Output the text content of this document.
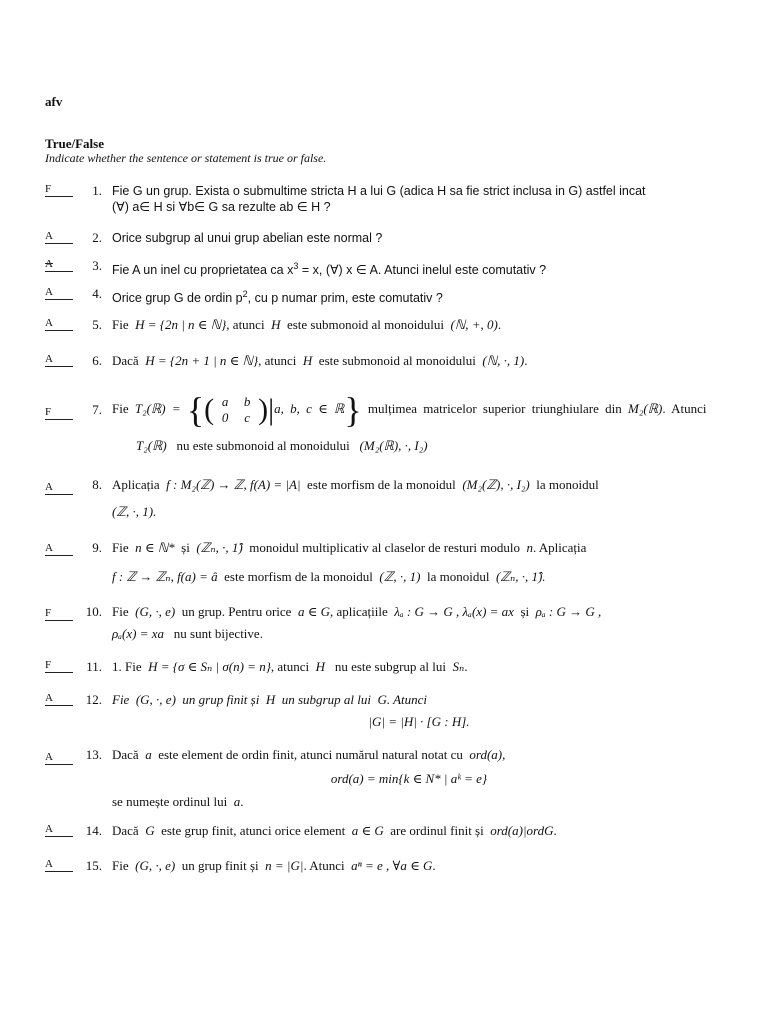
afv
True/False
Indicate whether the sentence or statement is true or false.
F	1. Fie G un grup. Exista o submultime stricta H a lui G (adica H sa fie strict inclusa in G) astfel incat
(∀) a∈ H si ∀b∈ G sa rezulte ab ∈ H ?
A	2. Orice subgrup al unui grup abelian este normal ?
A	3. Fie A un inel cu proprietatea ca $x^3 = x$, (∀) x ∈ A. Atunci inelul este comutativ ?
A	4. Orice grup G de ordin $p^2$, cu p numar prim, este comutativ ?
A	5. Fie H = {2n | n ∈ ℕ}, atunci H este submonoid al monoidului (ℕ, +, 0).
A	6. Dacă H = {2n + 1 | n ∈ ℕ}, atunci H este submonoid al monoidului (ℕ, ·, 1).
F	7. Fie T₂(ℝ) = {( a b
0 c )|a, b, c ∈ ℝ} mulțimea matricelor superior triunghiulare din M₂(ℝ). Atunci
T₂(ℝ) nu este submonoid al monoidului (M₂(ℝ), ·, I₂)
A	8. Aplicația f : M₂(ℤ) → ℤ, f(A) = |A| este morfism de la monoidul (M₂(ℤ), ·, I₂) la monoidul
(ℤ, ·, 1).
A	9. Fie n ∈ ℕ* și (ℤₙ, ·, 1̂) monoidul multiplicativ al claselor de resturi modulo n. Aplicația
f : ℤ → ℤₙ, f(a) = â este morfism de la monoidul (ℤ, ·, 1) la monoidul (ℤₙ, ·, 1̂).
F	10. Fie (G, ·, e) un grup. Pentru orice a ∈ G, aplicațiile λₐ : G → G , λₐ(x) = ax și ρₐ : G → G ,
ρₐ(x) = xa nu sunt bijective.
F	11. 1. Fie H = {σ ∈ Sₙ | σ(n) = n}, atunci H nu este subgrup al lui Sₙ.
A	12. Fie (G, ·, e) un grup finit și H un subgrup al lui G. Atunci
|G| = |H| · [G : H].
A	13. Dacă a este element de ordin finit, atunci numărul natural notat cu ord(a),
ord(a) = min{k ∈ N* | aᵏ = e}
se numește ordinul lui a.
A	14. Dacă G este grup finit, atunci orice element a ∈ G are ordinul finit și ord(a)|ordG.
A	15. Fie (G, ·, e) un grup finit și n = |G|. Atunci aⁿ = e , ∀a ∈ G.
